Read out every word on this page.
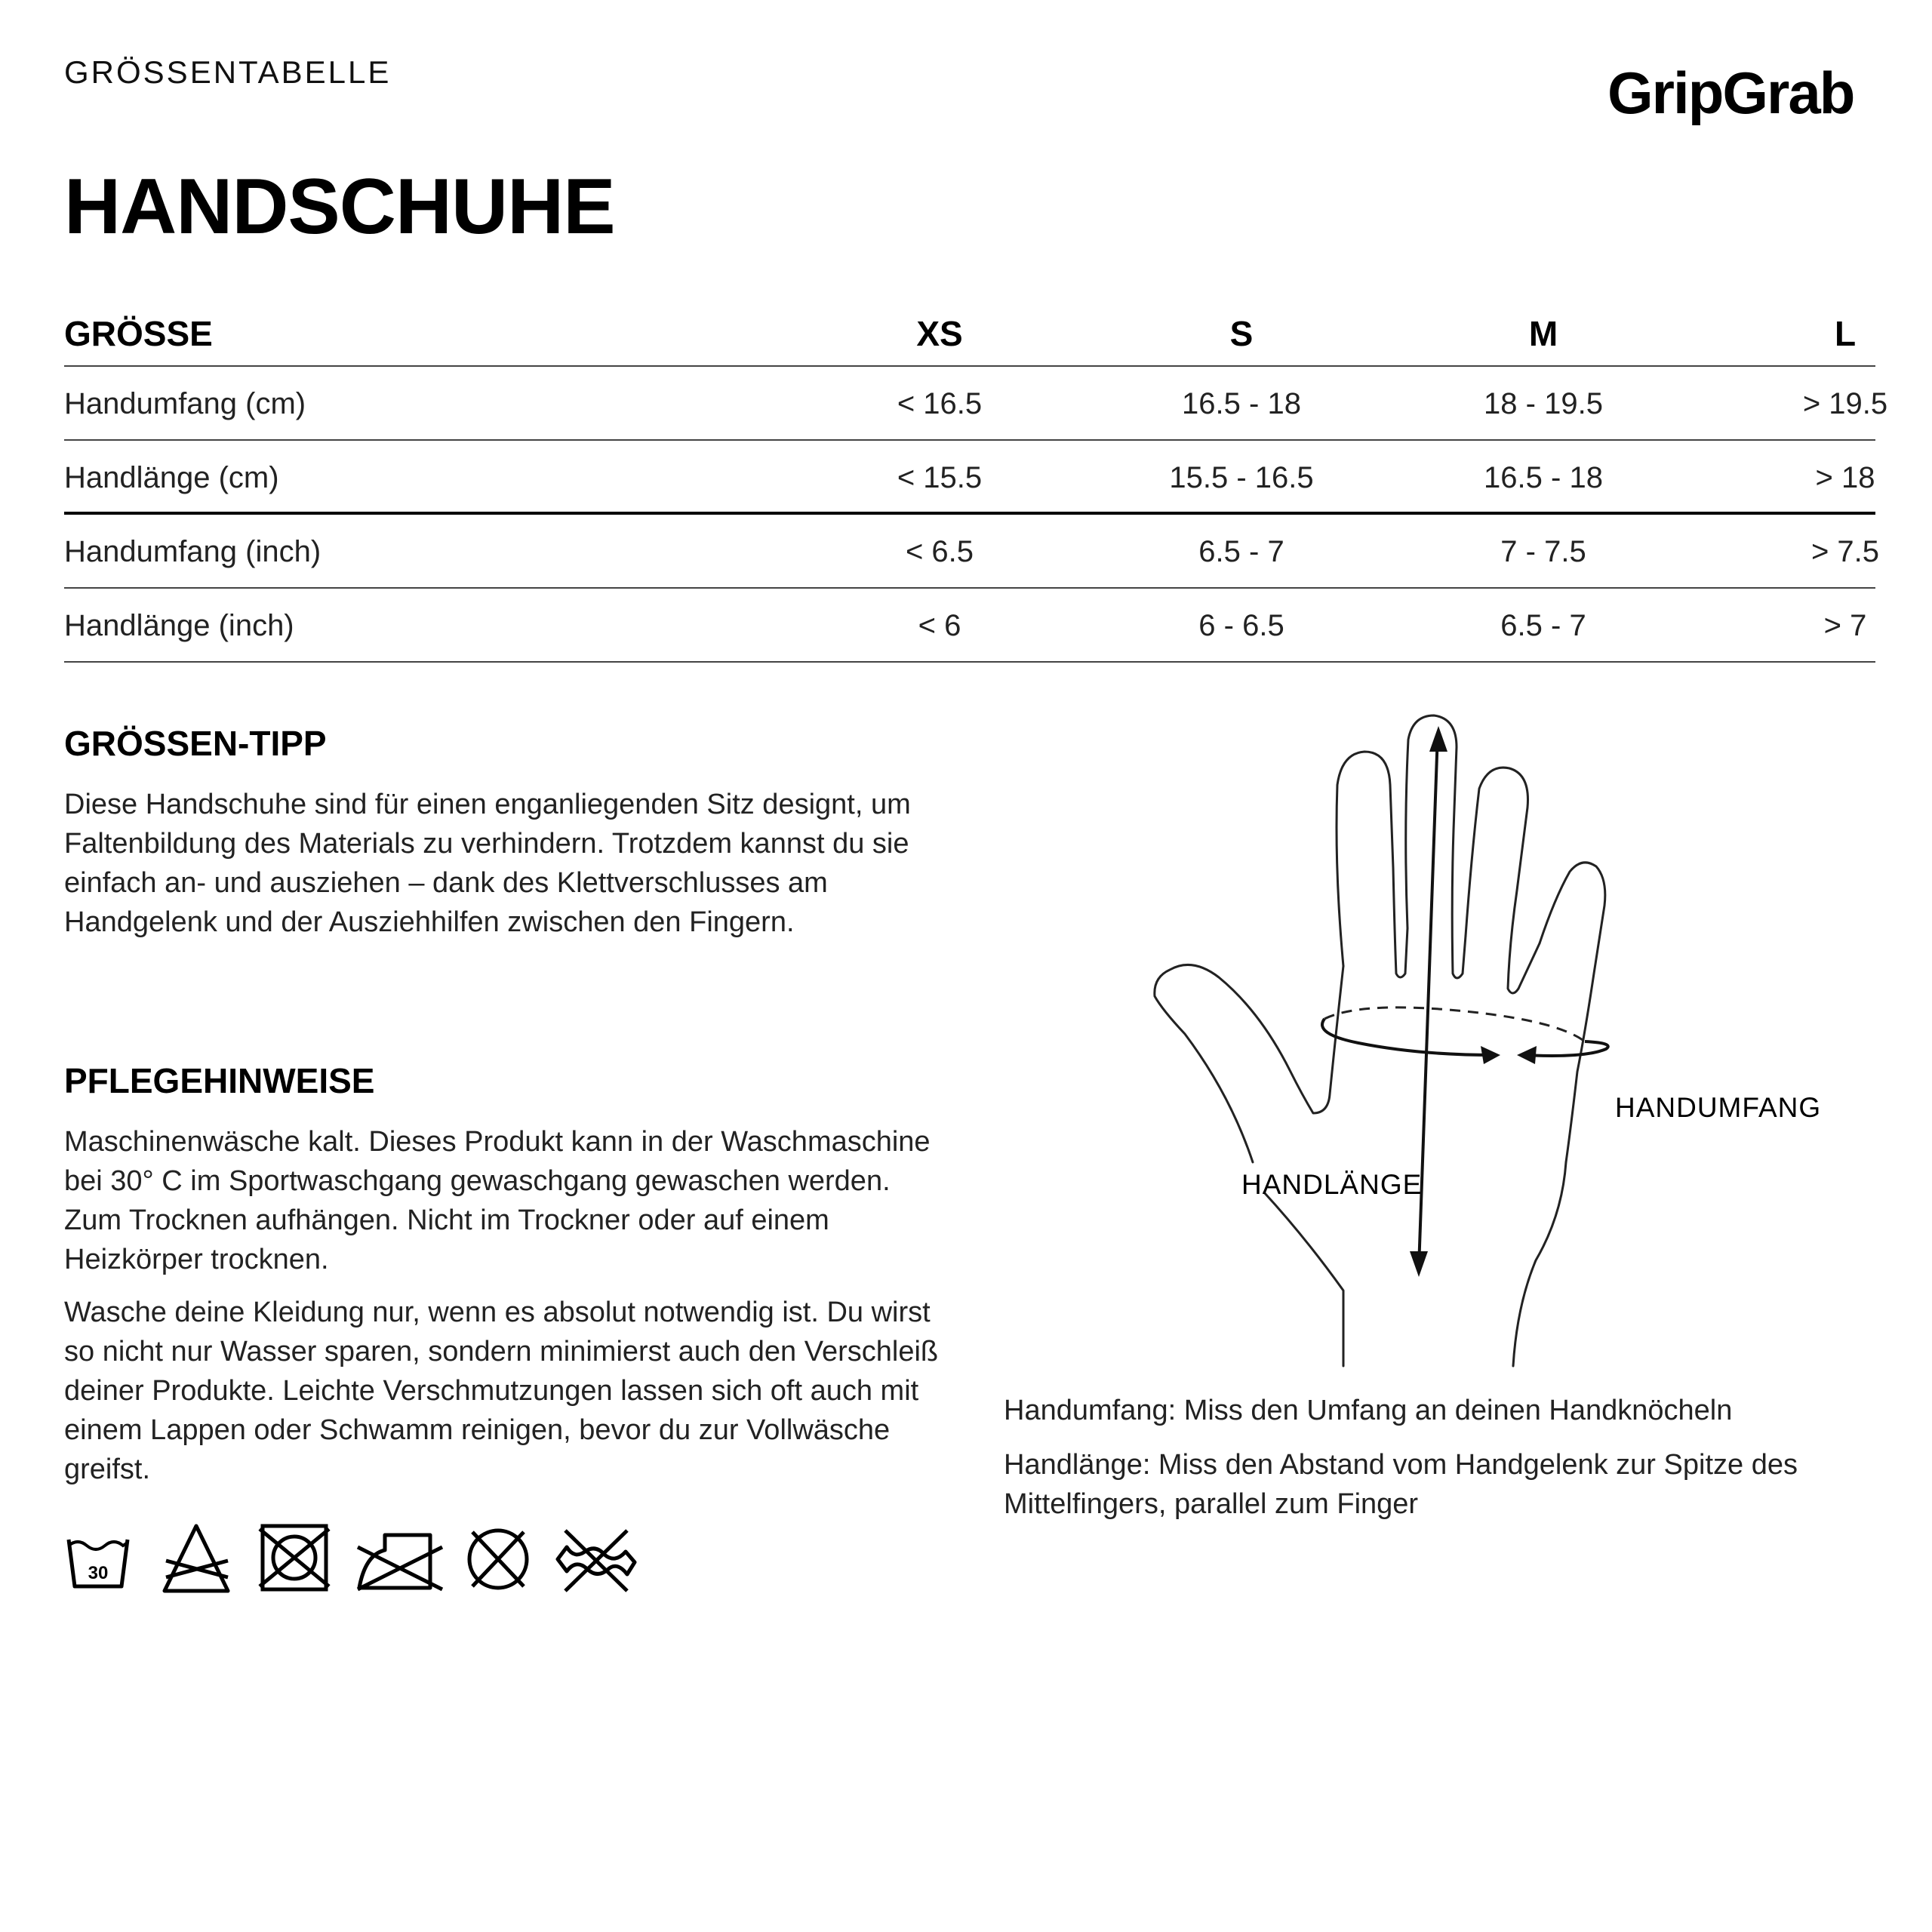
GRÖSSENTABELLE	GripGrab
HANDSCHUHE
GRÖSSE	XS	S	M	L
Handumfang (cm)	< 16.5	16.5 - 18	18 - 19.5	> 19.5
Handlänge (cm)	< 15.5	15.5 - 16.5	16.5 - 18	> 18
Handumfang (inch)	< 6.5	6.5 - 7	7 - 7.5	> 7.5
Handlänge (inch)	< 6	6 - 6.5	6.5 - 7	> 7
GRÖSSEN-TIPP

Diese Handschuhe sind für einen enganliegenden Sitz designt, um Faltenbildung des Materials zu verhindern. Trotzdem kannst du sie einfach an- und ausziehen – dank des Klettverschlusses am Handgelenk und der Ausziehhilfen zwischen den Fingern.

PFLEGEHINWEISE

Maschinenwäsche kalt. Dieses Produkt kann in der Waschmaschine bei 30° C im Sportwaschgang gewaschgang gewaschen werden. Zum Trocknen aufhängen. Nicht im Trockner oder auf einem Heizkörper trocknen.

Wasche deine Kleidung nur, wenn es absolut notwendig ist. Du wirst so nicht nur Wasser sparen, sondern minimierst auch den Verschleiß deiner Produkte. Leichte Verschmutzungen lassen sich oft auch mit einem Lappen oder Schwamm reinigen, bevor du zur Vollwäsche greifst.

30
HANDLÄNGE
HANDUMFANG

Handumfang: Miss den Umfang an deinen Handknöcheln

Handlänge: Miss den Abstand vom Handgelenk zur Spitze des Mittelfingers, parallel zum Finger
